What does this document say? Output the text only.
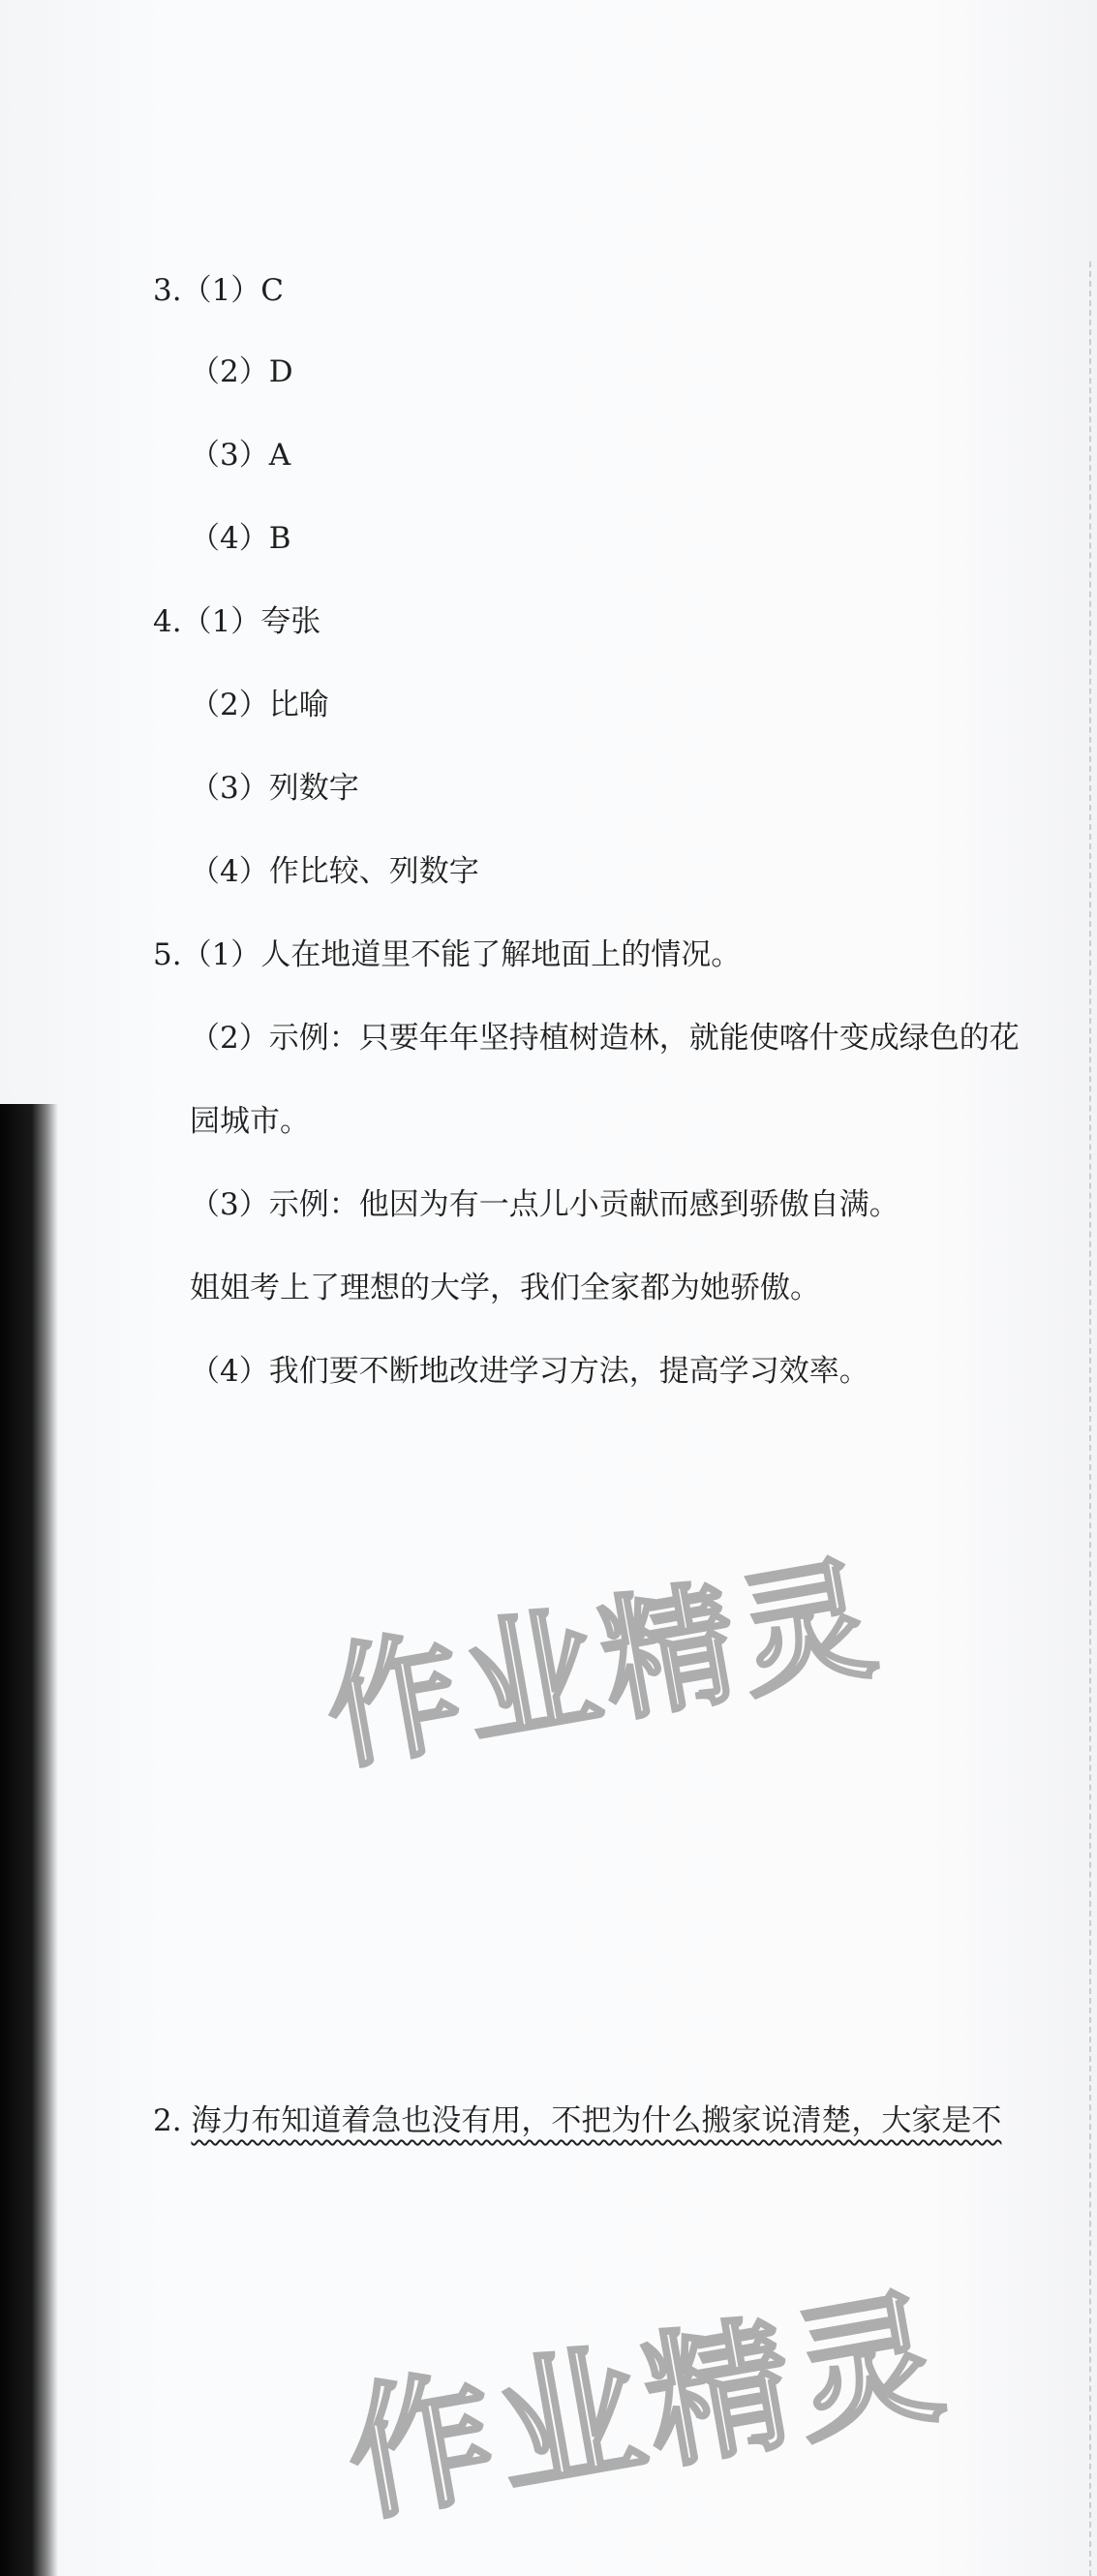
3.（1）C
（2）D
（3）A
（4）B
4.（1）夸张
（2）比喻
（3）列数字
（4）作比较、列数字
5.（1）人在地道里不能了解地面上的情况。
（2）示例：只要年年坚持植树造林，就能使喀什变成绿色的花
园城市。
（3）示例：他因为有一点儿小贡献而感到骄傲自满。
姐姐考上了理想的大学，我们全家都为她骄傲。
（4）我们要不断地改进学习方法，提高学习效率。
2. 海力布知道着急也没有用，不把为什么搬家说清楚，大家是不
作业精灵
作业精灵
